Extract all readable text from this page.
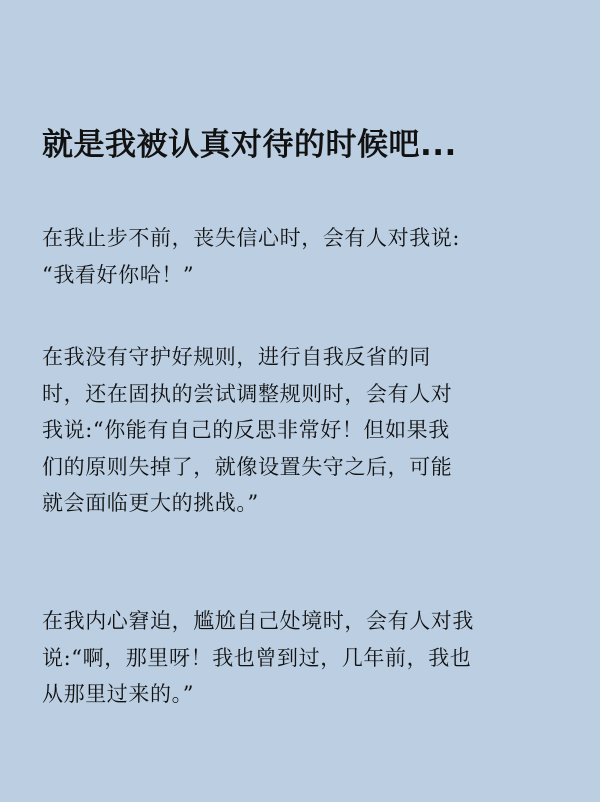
就是我被认真对待的时候吧...

在我止步不前，丧失信心时，会有人对我说:
“我看好你哈！”

在我没有守护好规则，进行自我反省的同
时，还在固执的尝试调整规则时，会有人对
我说:“你能有自己的反思非常好！但如果我
们的原则失掉了，就像设置失守之后，可能
就会面临更大的挑战。”

在我内心窘迫，尴尬自己处境时，会有人对我
说:“啊，那里呀！我也曾到过，几年前，我也
从那里过来的。”
